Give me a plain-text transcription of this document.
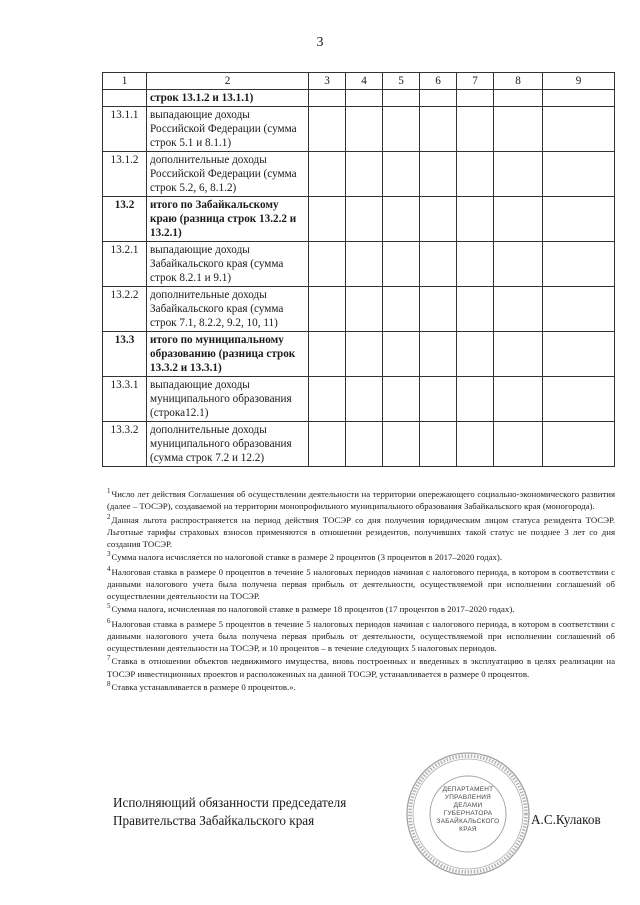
3
1	2	3	4	5	6	7	8	9
	строк 13.1.2 и 13.1.1)							
13.1.1	выпадающие доходы Российской Федерации (сумма строк 5.1 и 8.1.1)							
13.1.2	дополнительные доходы Российской Федерации (сумма строк 5.2, 6, 8.1.2)							
13.2	итого по Забайкальскому краю (разница строк 13.2.2 и 13.2.1)							
13.2.1	выпадающие доходы Забайкальского края (сумма строк 8.2.1 и 9.1)							
13.2.2	дополнительные доходы Забайкальского края (сумма строк 7.1, 8.2.2, 9.2, 10, 11)							
13.3	итого по муниципальному образованию (разница строк 13.3.2 и 13.3.1)							
13.3.1	выпадающие доходы муниципального образования (строка12.1)							
13.3.2	дополнительные доходы муниципального образования (сумма строк 7.2 и 12.2)							
$^1$Число лет действия Соглашения об осуществлении деятельности на территории опережающего социально-экономического развития (далее – ТОСЭР), создаваемой на территории монопрофильного муниципального образования Забайкальского края (моногорода).
$^2$Данная льгота распространяется на период действия ТОСЭР со дня получения юридическим лицом статуса резидента ТОСЭР. Льготные тарифы страховых взносов применяются в отношении резидентов, получивших такой статус не позднее 3 лет со дня создания ТОСЭР.
$^3$Сумма налога исчисляется по налоговой ставке в размере 2 процентов (3 процентов в 2017–2020 годах).
$^4$Налоговая ставка в размере 0 процентов в течение 5 налоговых периодов начиная с налогового периода, в котором в соответствии с данными налогового учета была получена первая прибыль от деятельности, осуществляемой при исполнении соглашений об осуществлении деятельности на ТОСЭР.
$^5$Сумма налога, исчисленная по налоговой ставке в размере 18 процентов (17 процентов в 2017–2020 годах).
$^6$Налоговая ставка в размере 5 процентов в течение 5 налоговых периодов начиная с налогового периода, в котором в соответствии с данными налогового учета была получена первая прибыль от деятельности, осуществляемой при исполнении соглашений об осуществлении деятельности на ТОСЭР, и 10 процентов – в течение следующих 5 налоговых периодов.
$^7$Ставка в отношении объектов недвижимого имущества, вновь построенных и введенных в эксплуатацию в целях реализации на ТОСЭР инвестиционных проектов и расположенных на данной ТОСЭР, устанавливается в размере 0 процентов.
$^8$Ставка устанавливается в размере 0 процентов.».
Исполняющий обязанности председателя
Правительства Забайкальского края
ДЕПАРТАМЕНТ
УПРАВЛЕНИЯ
ДЕЛАМИ
ГУБЕРНАТОРА
ЗАБАЙКАЛЬСКОГО
КРАЯ
А.С.Кулаков
